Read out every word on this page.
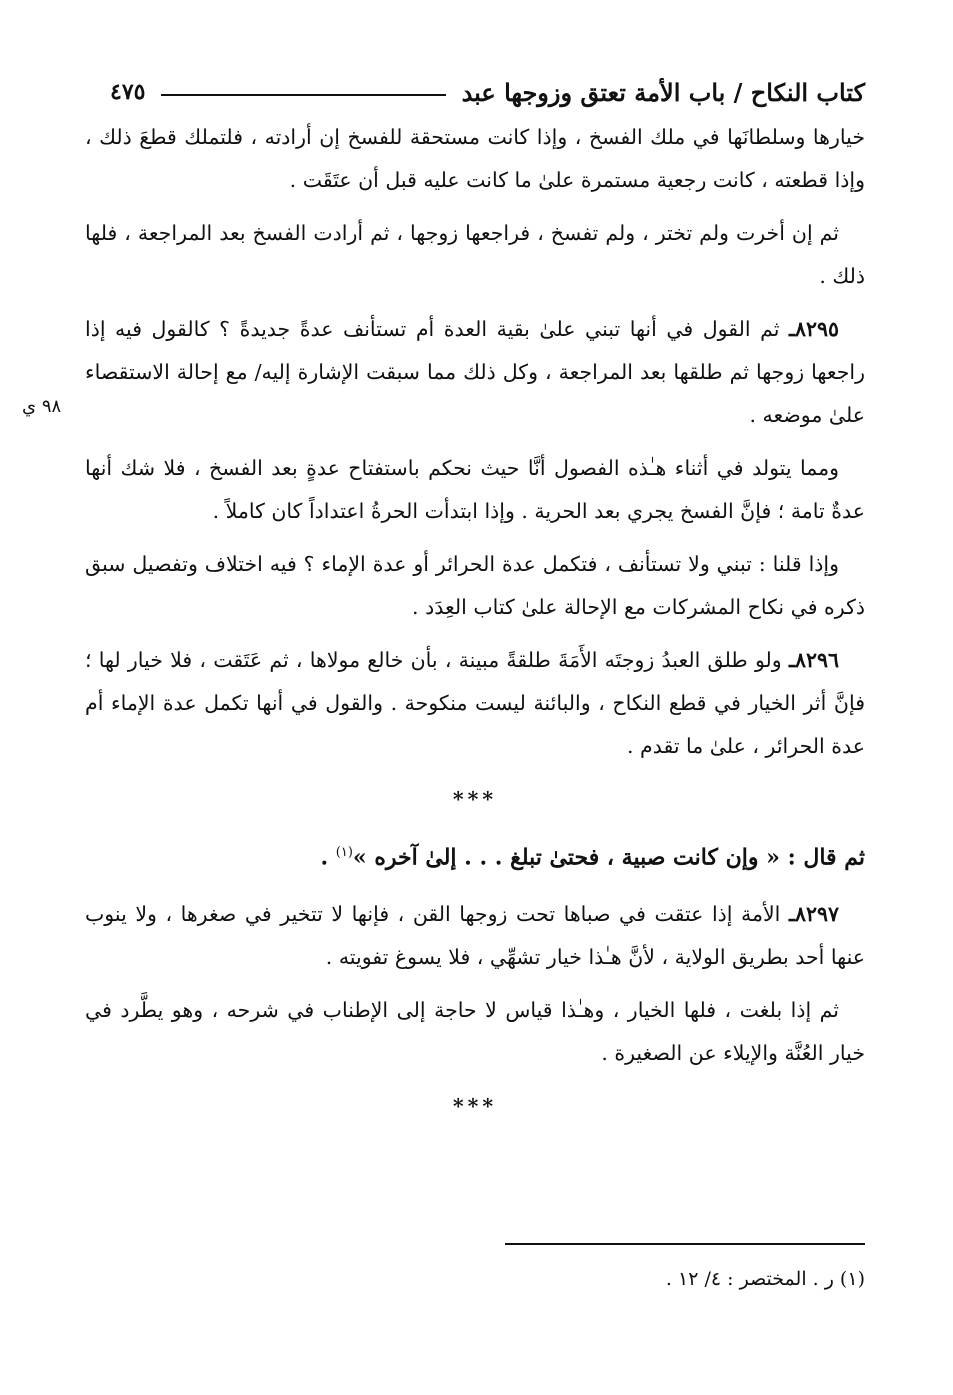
كتاب النكاح / باب الأمة تعتق وزوجها عبد
٤٧٥
٩٨ ي

خيارها وسلطانَها في ملك الفسخ ، وإذا كانت مستحقة للفسخ إن أرادته ، فلتملك قطعَ ذلك ، وإذا قطعته ، كانت رجعية مستمرة علىٰ ما كانت عليه قبل أن عتَقَت .

ثم إن أخرت ولم تختر ، ولم تفسخ ، فراجعها زوجها ، ثم أرادت الفسخ بعد المراجعة ، فلها ذلك .

٨٢٩٥ـ ثم القول في أنها تبني علىٰ بقية العدة أم تستأنف عدةً جديدةً ؟ كالقول فيه إذا راجعها زوجها ثم طلقها بعد المراجعة ، وكل ذلك مما سبقت الإشارة إليه/ مع إحالة الاستقصاء علىٰ موضعه .

ومما يتولد في أثناء هـٰذه الفصول أنَّا حيث نحكم باستفتاح عدةٍ بعد الفسخ ، فلا شك أنها عدةٌ تامة ؛ فإنَّ الفسخ يجري بعد الحرية . وإذا ابتدأت الحرةُ اعتداداً كان كاملاً .

وإذا قلنا : تبني ولا تستأنف ، فتكمل عدة الحرائر أو عدة الإماء ؟ فيه اختلاف وتفصيل سبق ذكره في نكاح المشركات مع الإحالة علىٰ كتاب العِدَد .

٨٢٩٦ـ ولو طلق العبدُ زوجتَه الأَمَةَ طلقةً مبينة ، بأن خالع مولاها ، ثم عَتَقت ، فلا خيار لها ؛ فإنَّ أثر الخيار في قطع النكاح ، والبائنة ليست منكوحة . والقول في أنها تكمل عدة الإماء أم عدة الحرائر ، علىٰ ما تقدم .

***

ثم قال : « وإن كانت صبية ، فحتىٰ تبلغ . . . إلىٰ آخره »$^{(١)}$ .

٨٢٩٧ـ الأمة إذا عتقت في صباها تحت زوجها القن ، فإنها لا تتخير في صغرها ، ولا ينوب عنها أحد بطريق الولاية ، لأنَّ هـٰذا خيار تشهِّي ، فلا يسوغ تفويته .

ثم إذا بلغت ، فلها الخيار ، وهـٰذا قياس لا حاجة إلى الإطناب في شرحه ، وهو يطَّرد في خيار العُنَّة والإيلاء عن الصغيرة .

***

(١) ر . المختصر : ٤/ ١٢ .
